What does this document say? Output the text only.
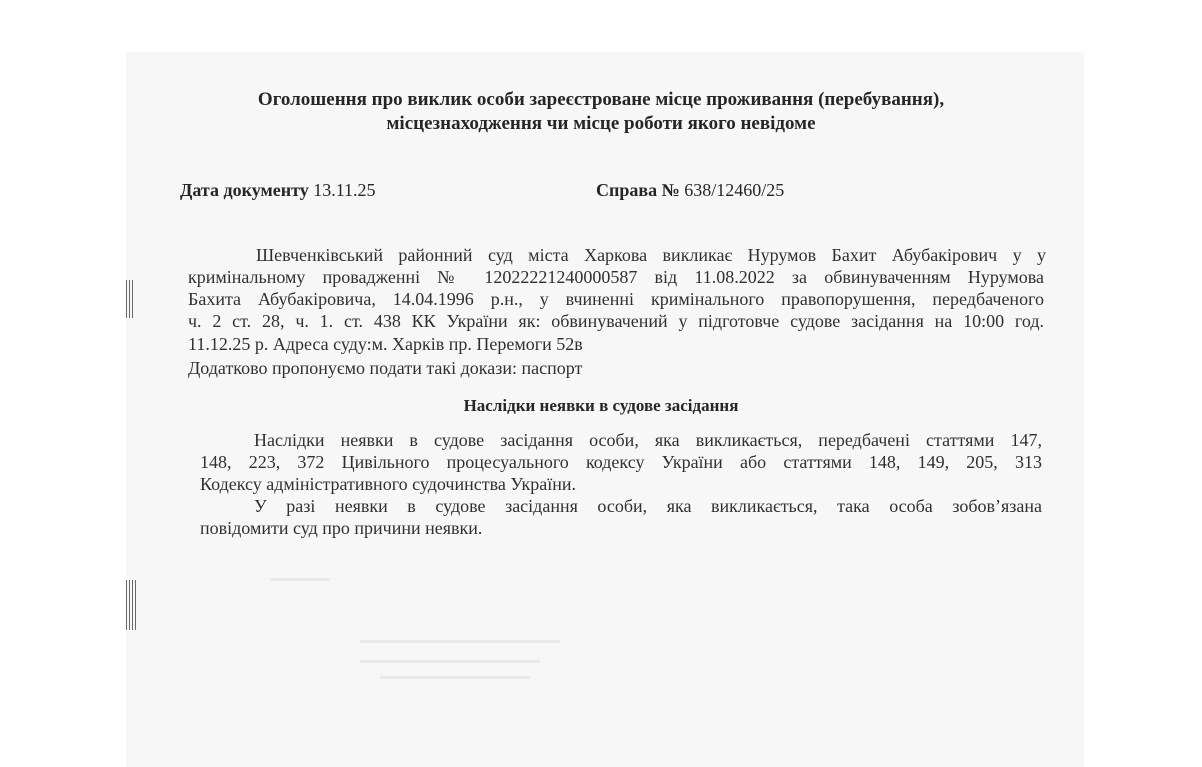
Оголошення про виклик особи зареєстроване місце проживання (перебування),
місцезнаходження чи місце роботи якого невідоме
Дата документу 13.11.25	Справа № 638/12460/25
Шевченківський районний суд міста Харкова викликає Нурумов Бахит Абубакірович у у
кримінальному провадженні № 12022221240000587 від 11.08.2022 за обвинуваченням Нурумова
Бахита Абубакіровича, 14.04.1996 р.н., у вчиненні кримінального правопорушення, передбаченого
ч. 2 ст. 28, ч. 1. ст. 438 КК України як: обвинувачений у підготовче судове засідання на 10:00 год.
11.12.25 р. Адреса суду:м. Харків пр. Перемоги 52в
Додатково пропонуємо подати такі докази: паспорт
Наслідки неявки в судове засідання
Наслідки неявки в судове засідання особи, яка викликається, передбачені статтями 147,
148, 223, 372 Цивільного процесуального кодексу України або статтями 148, 149, 205, 313
Кодексу адміністративного судочинства України.
У разі неявки в судове засідання особи, яка викликається, така особа зобов’язана
повідомити суд про причини неявки.
